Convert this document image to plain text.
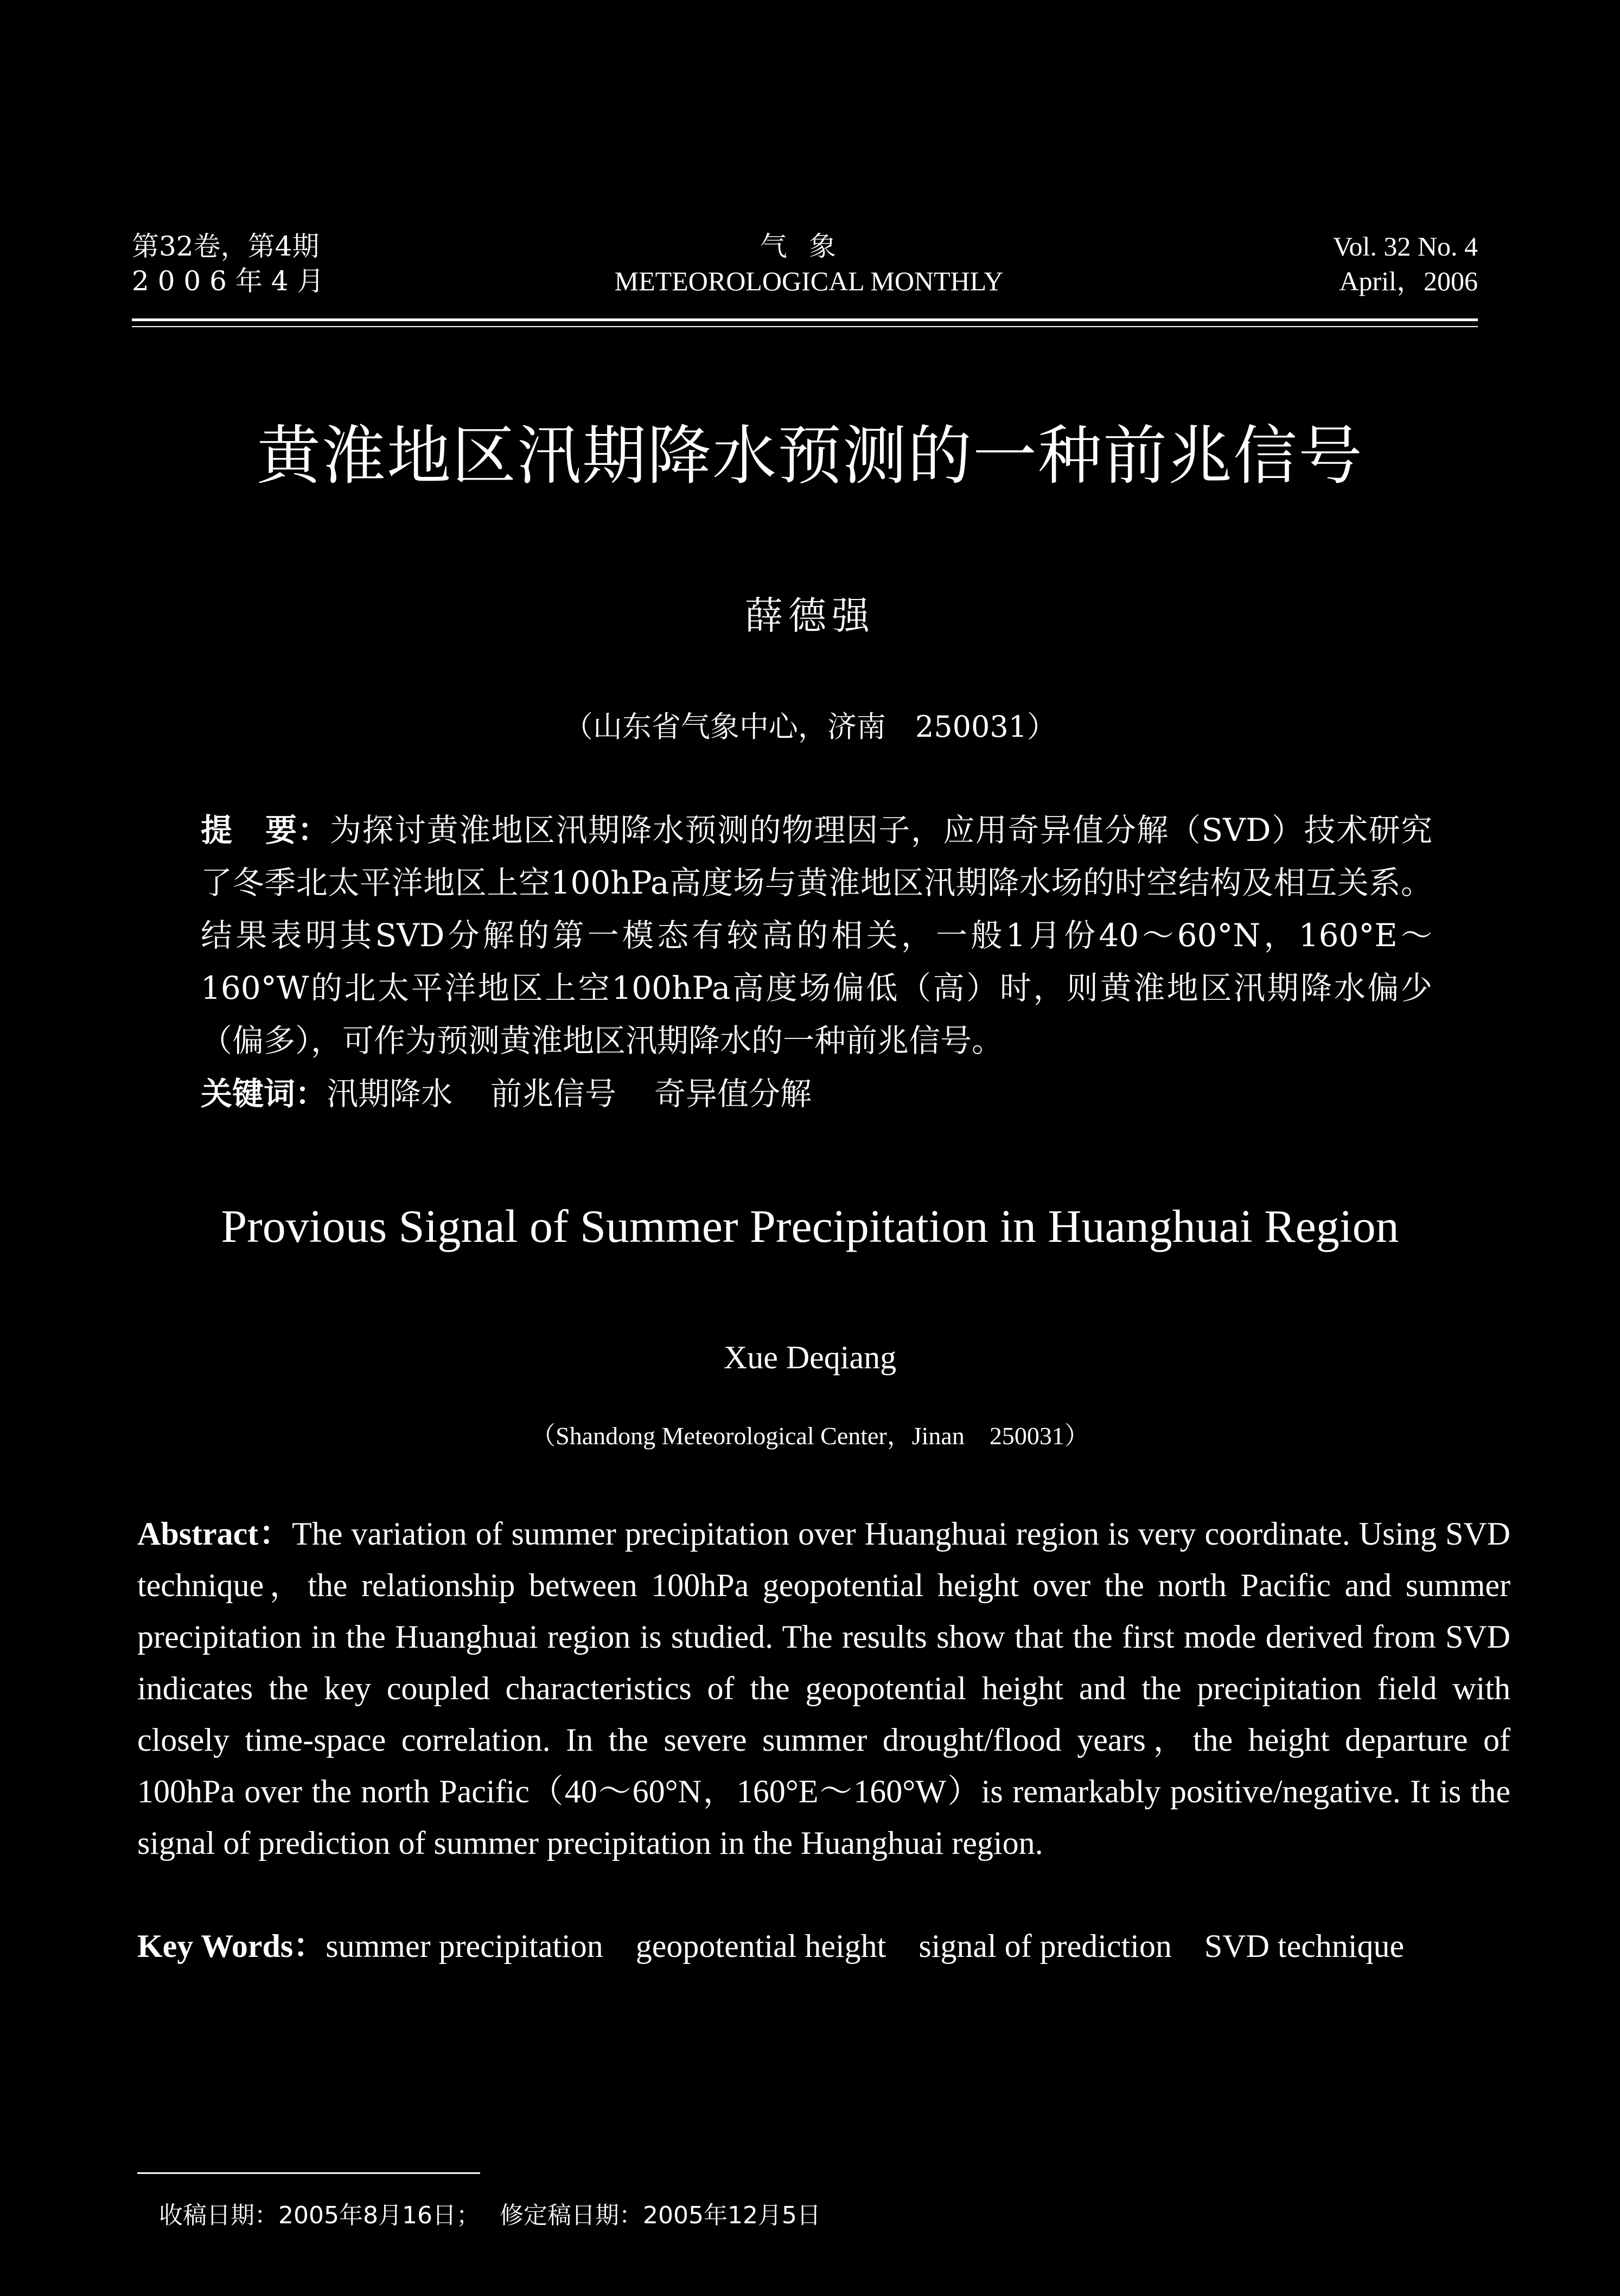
第32卷，第4期
2 0 0 6 年 4 月
气象
METEOROLOGICAL MONTHLY
Vol. 32 No. 4
April，2006
黄淮地区汛期降水预测的一种前兆信号
薛德强
（山东省气象中心，济南　250031）
提　要：为探讨黄淮地区汛期降水预测的物理因子，应用奇异值分解（SVD）技术研究了冬季北太平洋地区上空100hPa高度场与黄淮地区汛期降水场的时空结构及相互关系。结果表明其SVD分解的第一模态有较高的相关，一般1月份40～60°N，160°E～160°W的北太平洋地区上空100hPa高度场偏低（高）时，则黄淮地区汛期降水偏少（偏多），可作为预测黄淮地区汛期降水的一种前兆信号。
关键词：汛期降水 前兆信号 奇异值分解
Provious Signal of Summer Precipitation in Huanghuai Region
Xue Deqiang
（Shandong Meteorological Center，Jinan　250031）
Abstract：The variation of summer precipitation over Huanghuai region is very coordinate. Using SVD technique，the relationship between 100hPa geopotential height over the north Pacific and summer precipitation in the Huanghuai region is studied. The results show that the first mode derived from SVD indicates the key coupled characteristics of the geopotential height and the precipitation field with closely time-space correlation. In the severe summer drought/flood years，the height departure of 100hPa over the north Pacific（40～60°N，160°E～160°W）is remarkably positive/negative. It is the signal of prediction of summer precipitation in the Huanghuai region.
Key Words：summer precipitation geopotential height signal of prediction SVD technique
收稿日期：2005年8月16日； 修定稿日期：2005年12月5日
